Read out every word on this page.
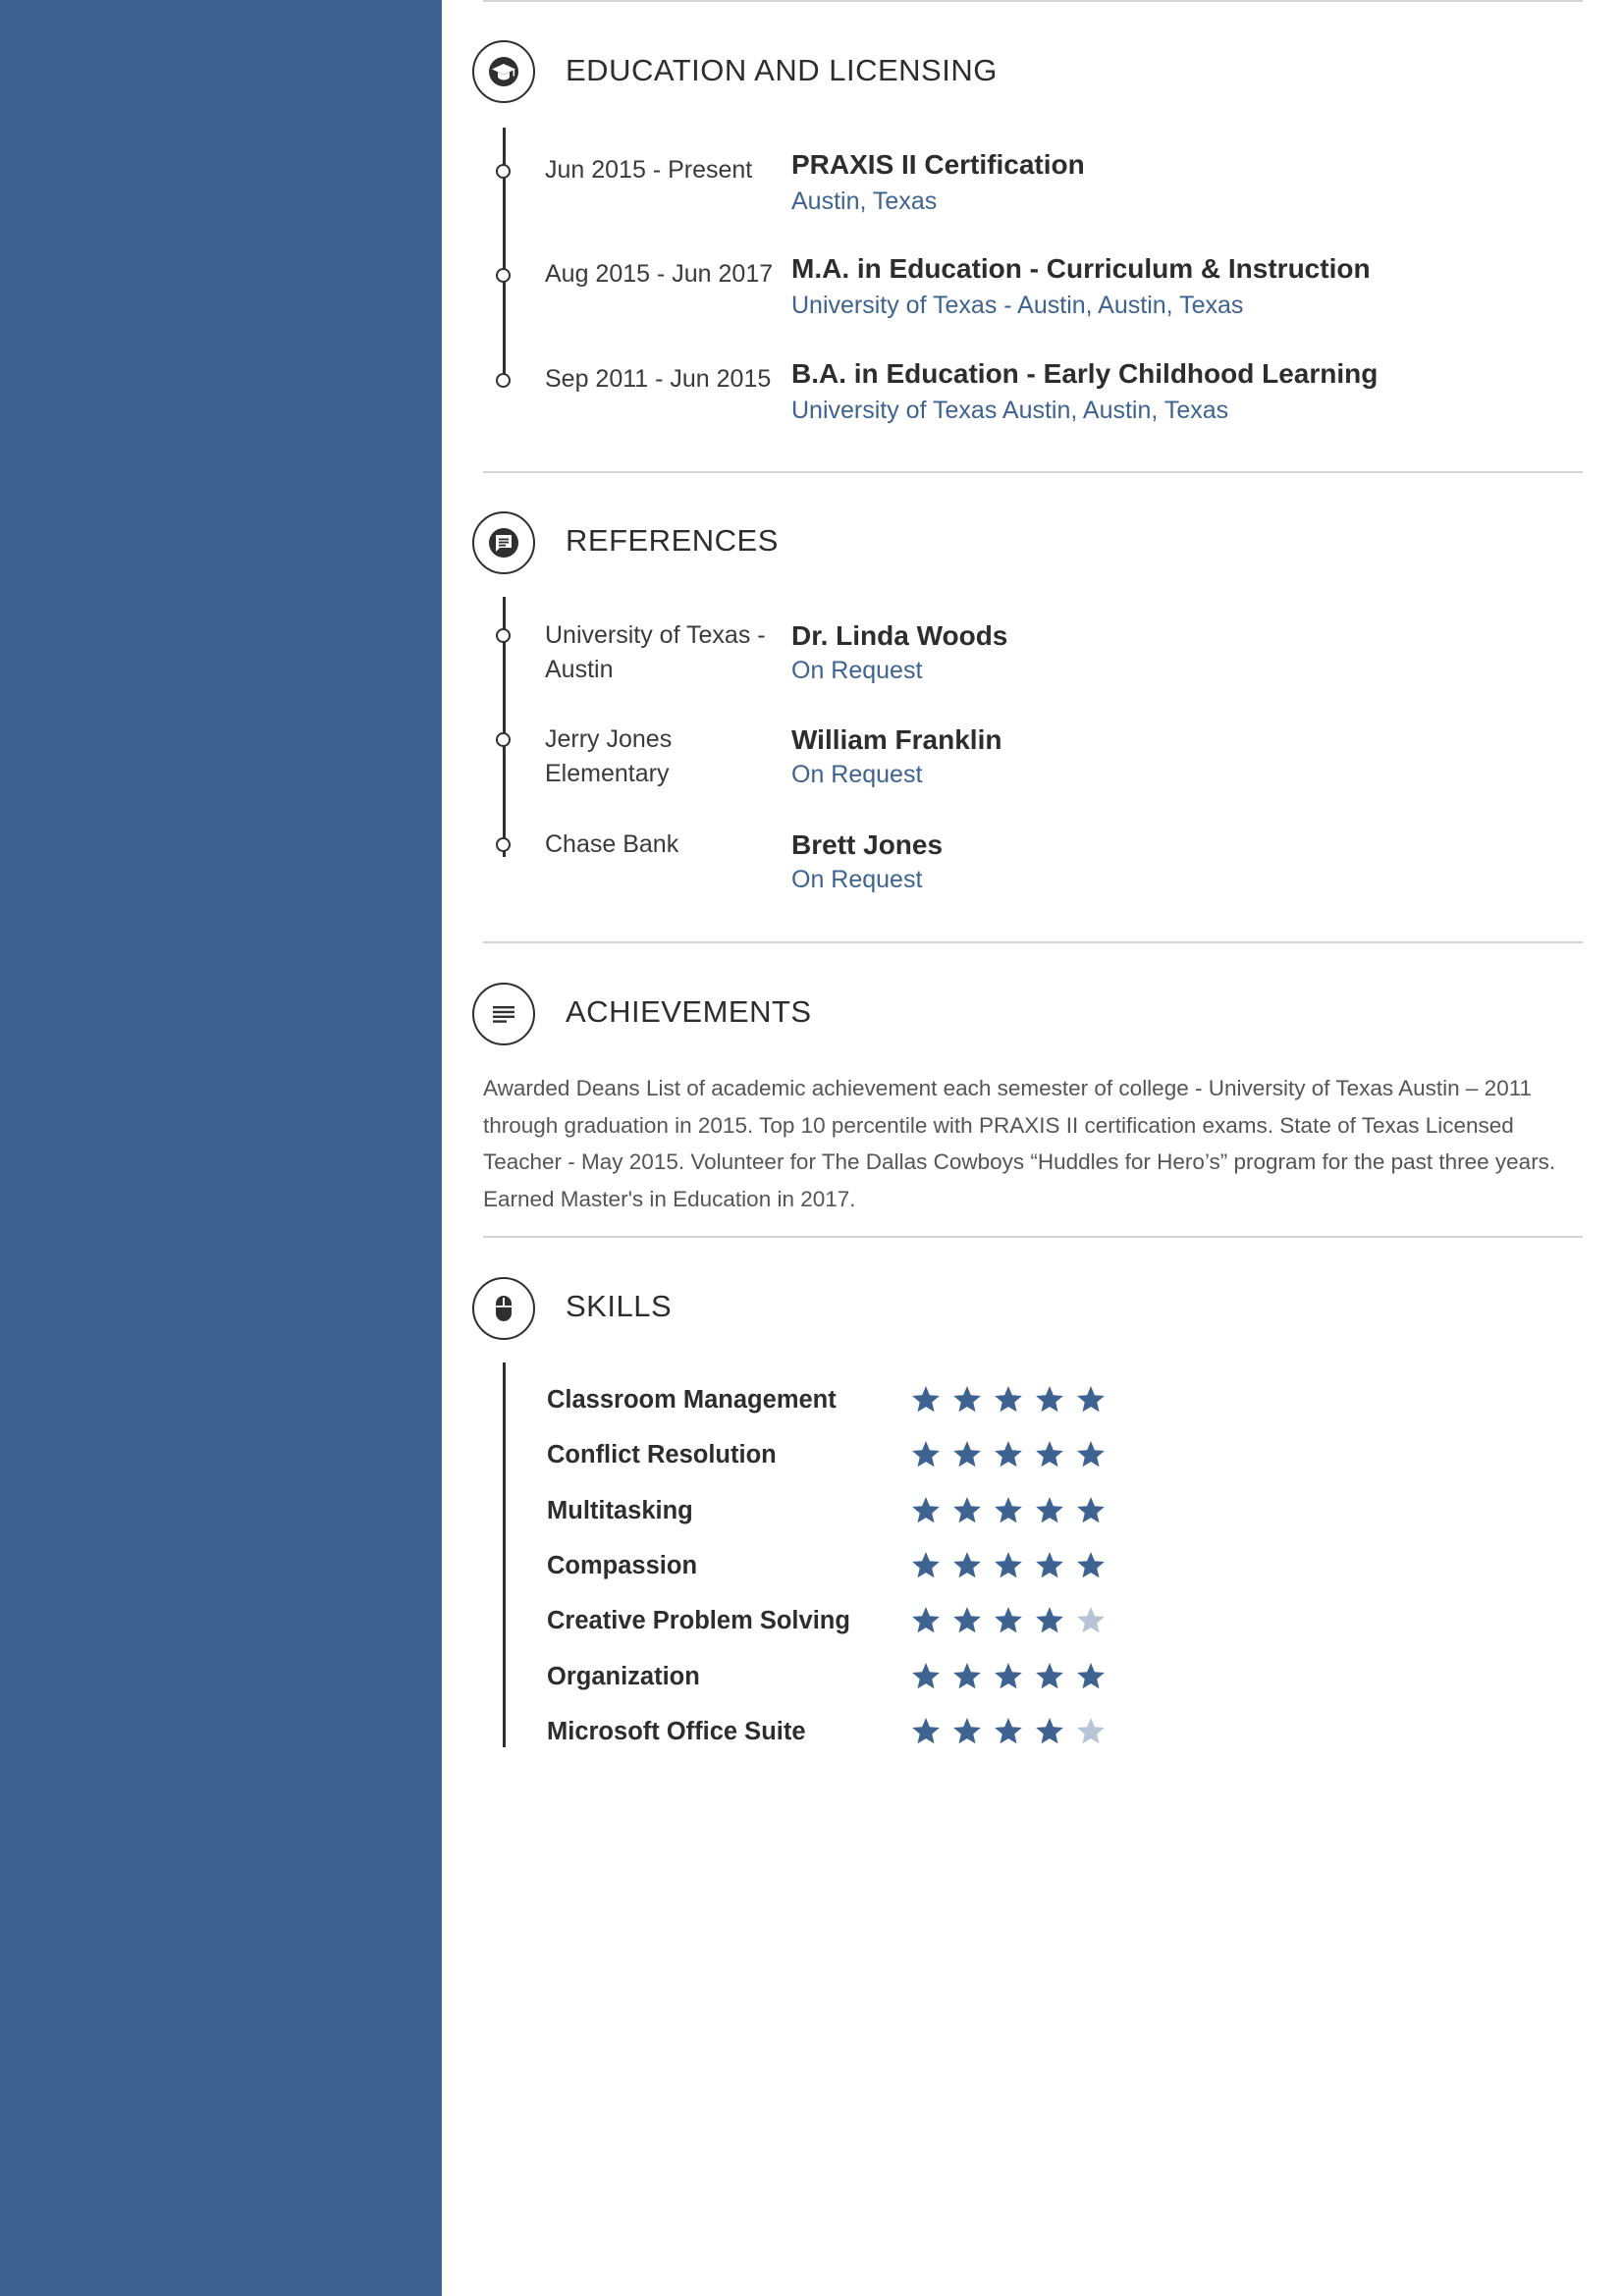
EDUCATION AND LICENSING
Jun 2015 - Present	PRAXIS II Certification
Austin, Texas
Aug 2015 - Jun 2017 M.A. in Education - Curriculum & Instruction
University of Texas - Austin, Austin, Texas
Sep 2011 - Jun 2015 B.A. in Education - Early Childhood Learning
University of Texas Austin, Austin, Texas
REFERENCES
University of Texas - Austin
Dr. Linda Woods
On Request
Jerry Jones Elementary
William Franklin
On Request
Chase Bank	Brett Jones
On Request
ACHIEVEMENTS
Awarded Deans List of academic achievement each semester of college - University of Texas Austin – 2011 through graduation in 2015. Top 10 percentile with PRAXIS II certification exams. State of Texas Licensed Teacher - May 2015. Volunteer for The Dallas Cowboys “Huddles for Hero’s” program for the past three years. Earned Master's in Education in 2017.
SKILLS
Classroom Management
Conflict Resolution
Multitasking
Compassion
Creative Problem Solving
Organization
Microsoft Office Suite
